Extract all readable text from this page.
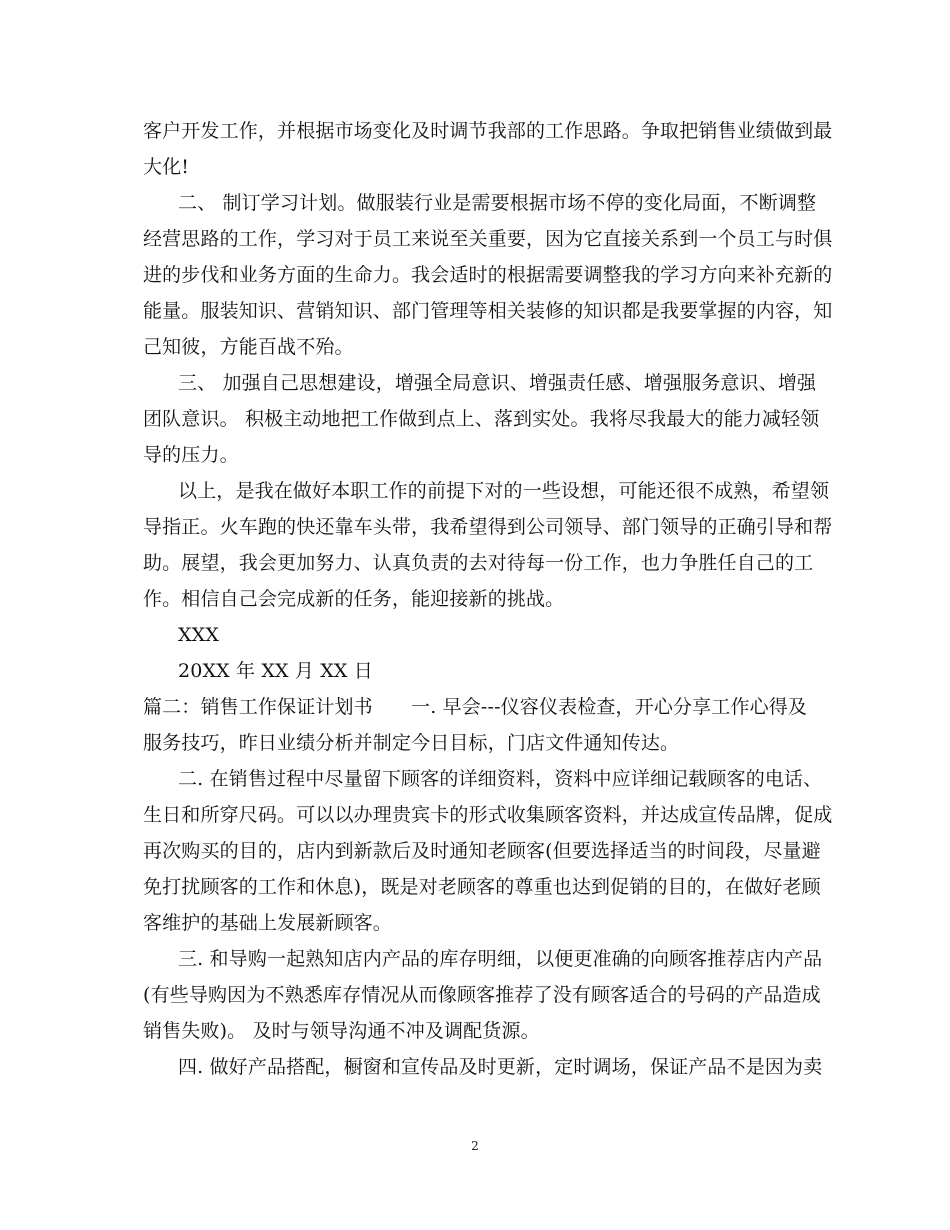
客户开发工作，并根据市场变化及时调节我部的工作思路。争取把销售业绩做到最
大化!
二、 制订学习计划。做服装行业是需要根据市场不停的变化局面，不断调整
经营思路的工作，学习对于员工来说至关重要，因为它直接关系到一个员工与时俱
进的步伐和业务方面的生命力。我会适时的根据需要调整我的学习方向来补充新的
能量。服装知识、营销知识、部门管理等相关装修的知识都是我要掌握的内容，知
己知彼，方能百战不殆。
三、 加强自己思想建设，增强全局意识、增强责任感、增强服务意识、增强
团队意识。 积极主动地把工作做到点上、落到实处。我将尽我最大的能力减轻领
导的压力。
以上，是我在做好本职工作的前提下对的一些设想，可能还很不成熟，希望领
导指正。火车跑的快还靠车头带，我希望得到公司领导、部门领导的正确引导和帮
助。展望，我会更加努力、认真负责的去对待每一份工作，也力争胜任自己的工
作。相信自己会完成新的任务，能迎接新的挑战。
XXX
20XX 年 XX 月 XX 日
篇二：销售工作保证计划书　　一. 早会---仪容仪表检查，开心分享工作心得及
服务技巧，昨日业绩分析并制定今日目标，门店文件通知传达。
二. 在销售过程中尽量留下顾客的详细资料，资料中应详细记载顾客的电话、
生日和所穿尺码。可以以办理贵宾卡的形式收集顾客资料，并达成宣传品牌，促成
再次购买的目的，店内到新款后及时通知老顾客(但要选择适当的时间段，尽量避
免打扰顾客的工作和休息)，既是对老顾客的尊重也达到促销的目的，在做好老顾
客维护的基础上发展新顾客。
三. 和导购一起熟知店内产品的库存明细，以便更准确的向顾客推荐店内产品
(有些导购因为不熟悉库存情况从而像顾客推荐了没有顾客适合的号码的产品造成
销售失败)。 及时与领导沟通不冲及调配货源。
四. 做好产品搭配，橱窗和宣传品及时更新，定时调场，保证产品不是因为卖
2
